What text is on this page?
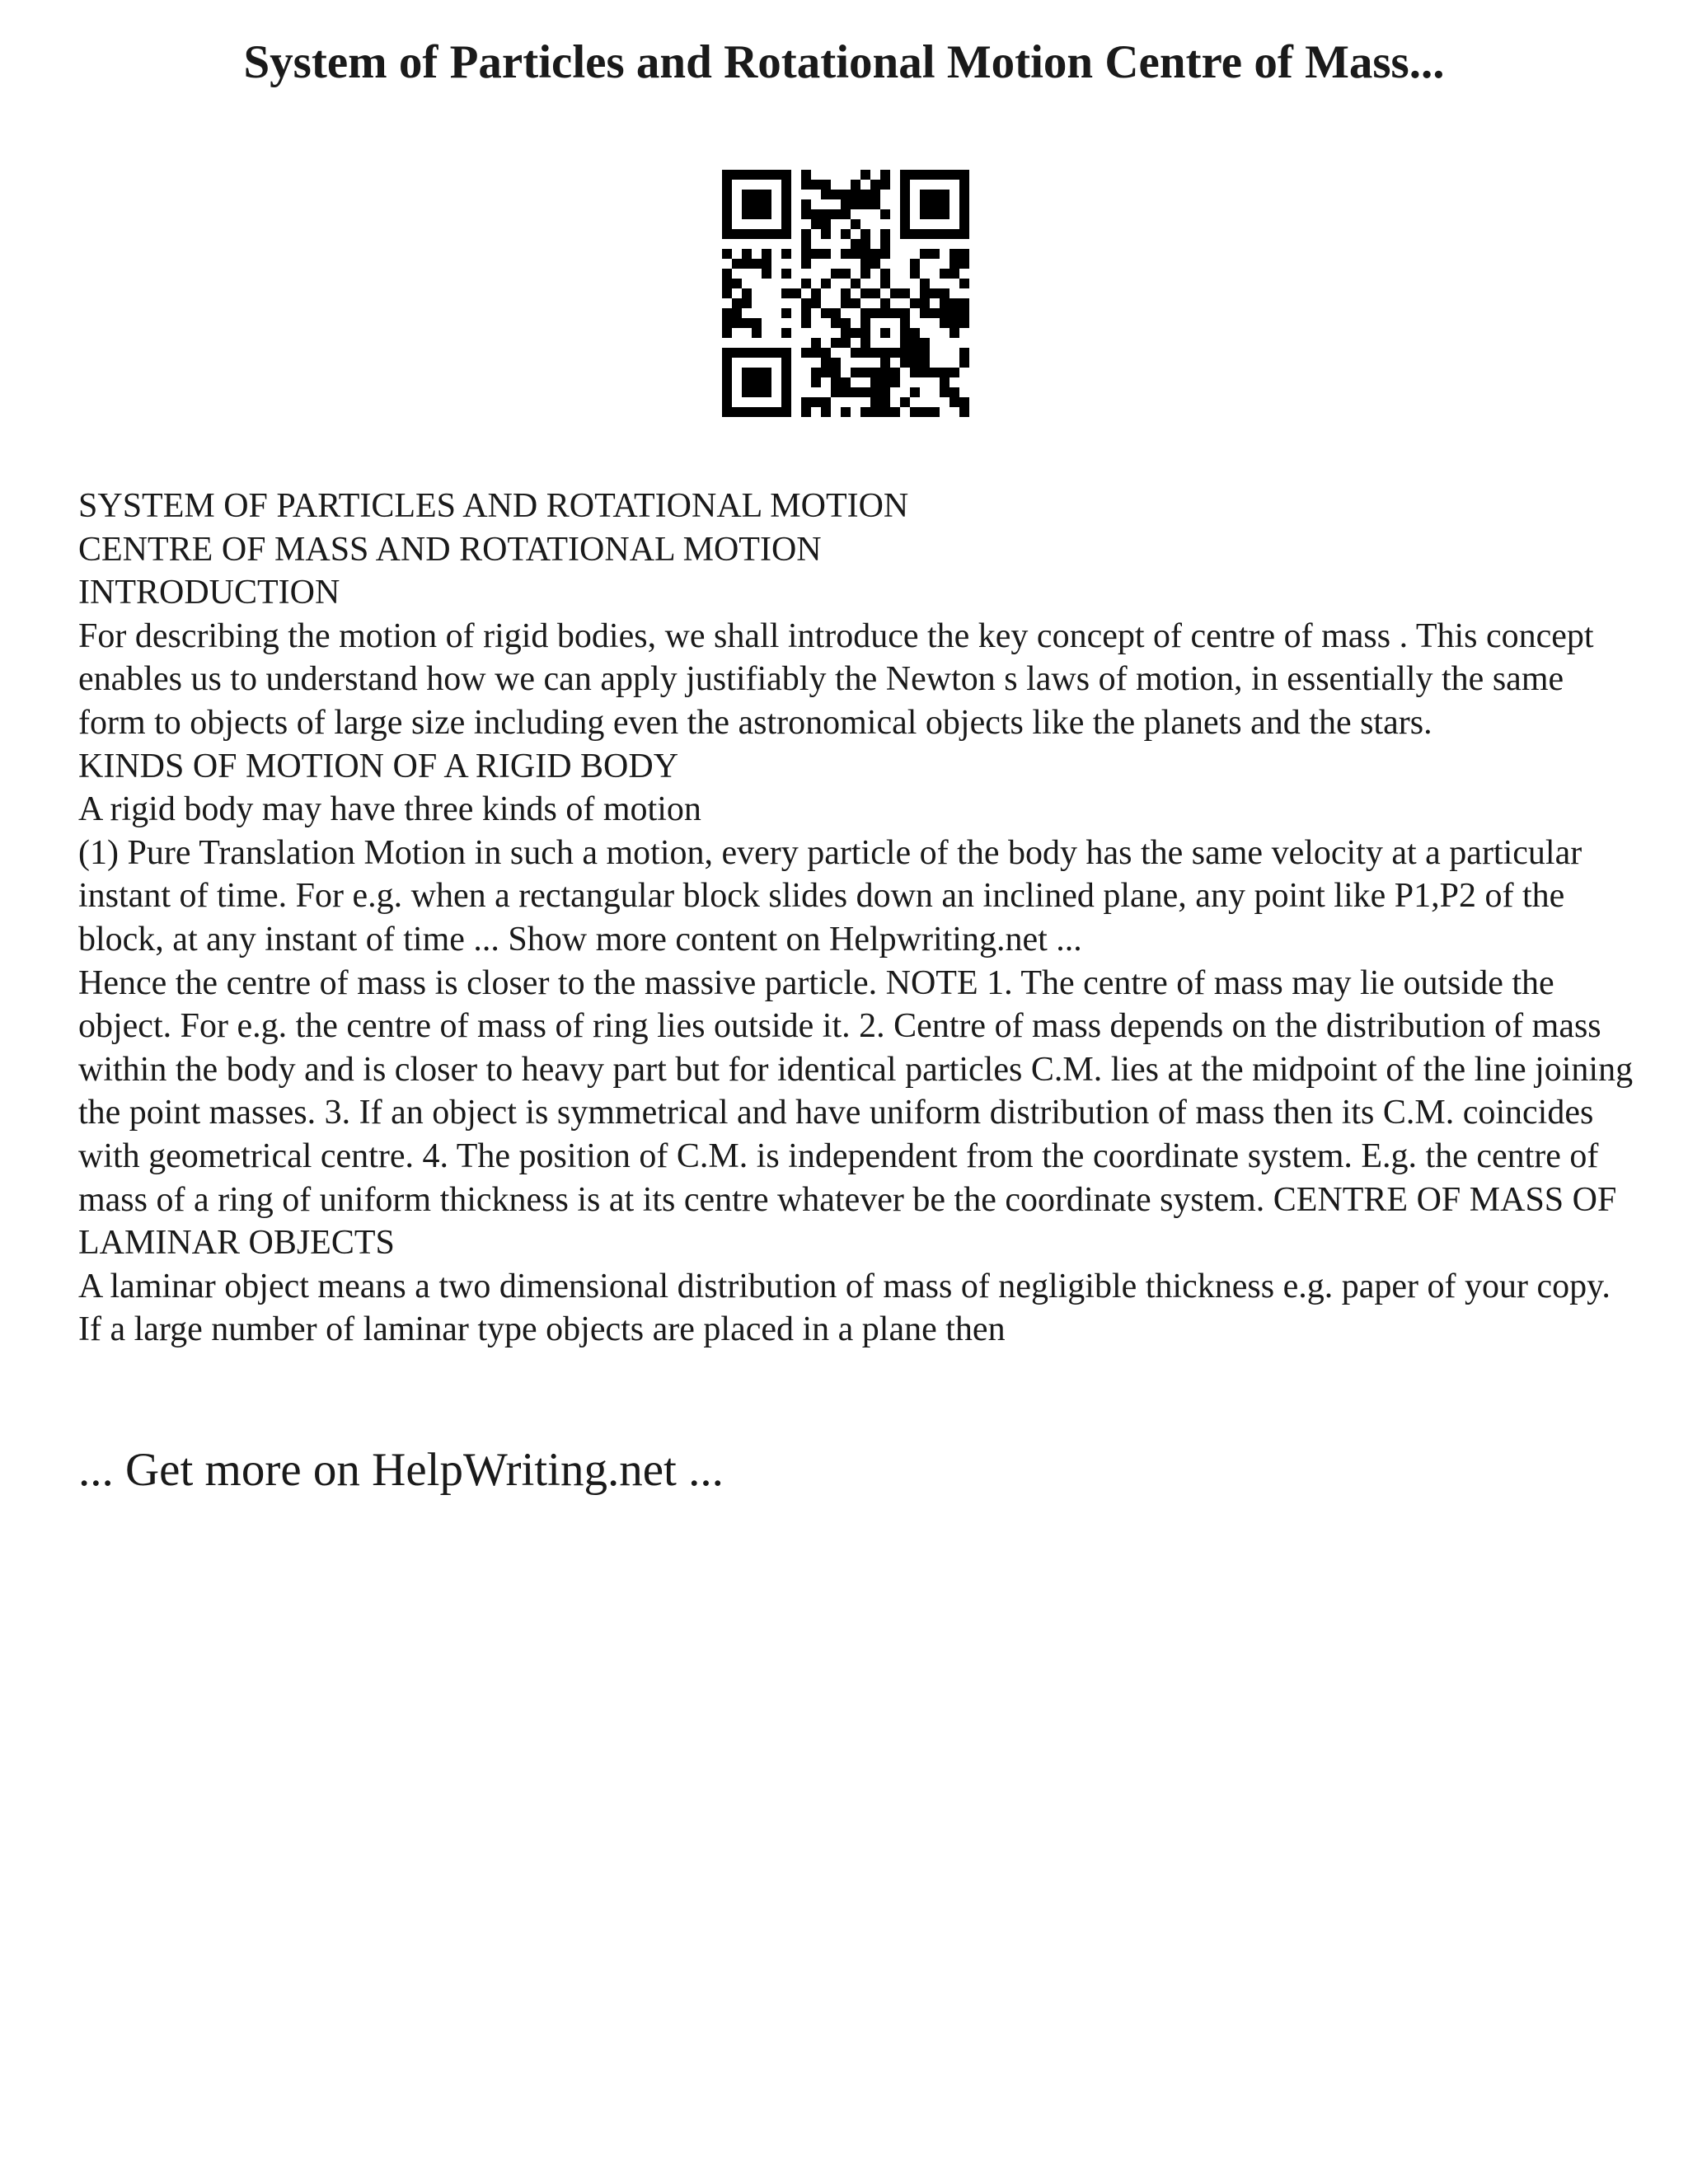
System of Particles and Rotational Motion Centre of Mass...

SYSTEM OF PARTICLES AND ROTATIONAL MOTION

CENTRE OF MASS AND ROTATIONAL MOTION

INTRODUCTION

For describing the motion of rigid bodies, we shall introduce the key concept of centre of mass . This concept enables us to understand how we can apply justifiably the Newton s laws of motion, in essentially the same form to objects of large size including even the astronomical objects like the planets and the stars.

KINDS OF MOTION OF A RIGID BODY

A rigid body may have three kinds of motion

(1) Pure Translation Motion in such a motion, every particle of the body has the same velocity at a particular instant of time. For e.g. when a rectangular block slides down an inclined plane, any point like P1,P2 of the block, at any instant of time ... Show more content on Helpwriting.net ...

Hence the centre of mass is closer to the massive particle. NOTE 1. The centre of mass may lie outside the object. For e.g. the centre of mass of ring lies outside it. 2. Centre of mass depends on the distribution of mass within the body and is closer to heavy part but for identical particles C.M. lies at the midpoint of the line joining the point masses. 3. If an object is symmetrical and have uniform distribution of mass then its C.M. coincides with geometrical centre. 4. The position of C.M. is independent from the coordinate system. E.g. the centre of mass of a ring of uniform thickness is at its centre whatever be the coordinate system. CENTRE OF MASS OF LAMINAR OBJECTS

A laminar object means a two dimensional distribution of mass of negligible thickness e.g. paper of your copy. If a large number of laminar type objects are placed in a plane then

... Get more on HelpWriting.net ...
